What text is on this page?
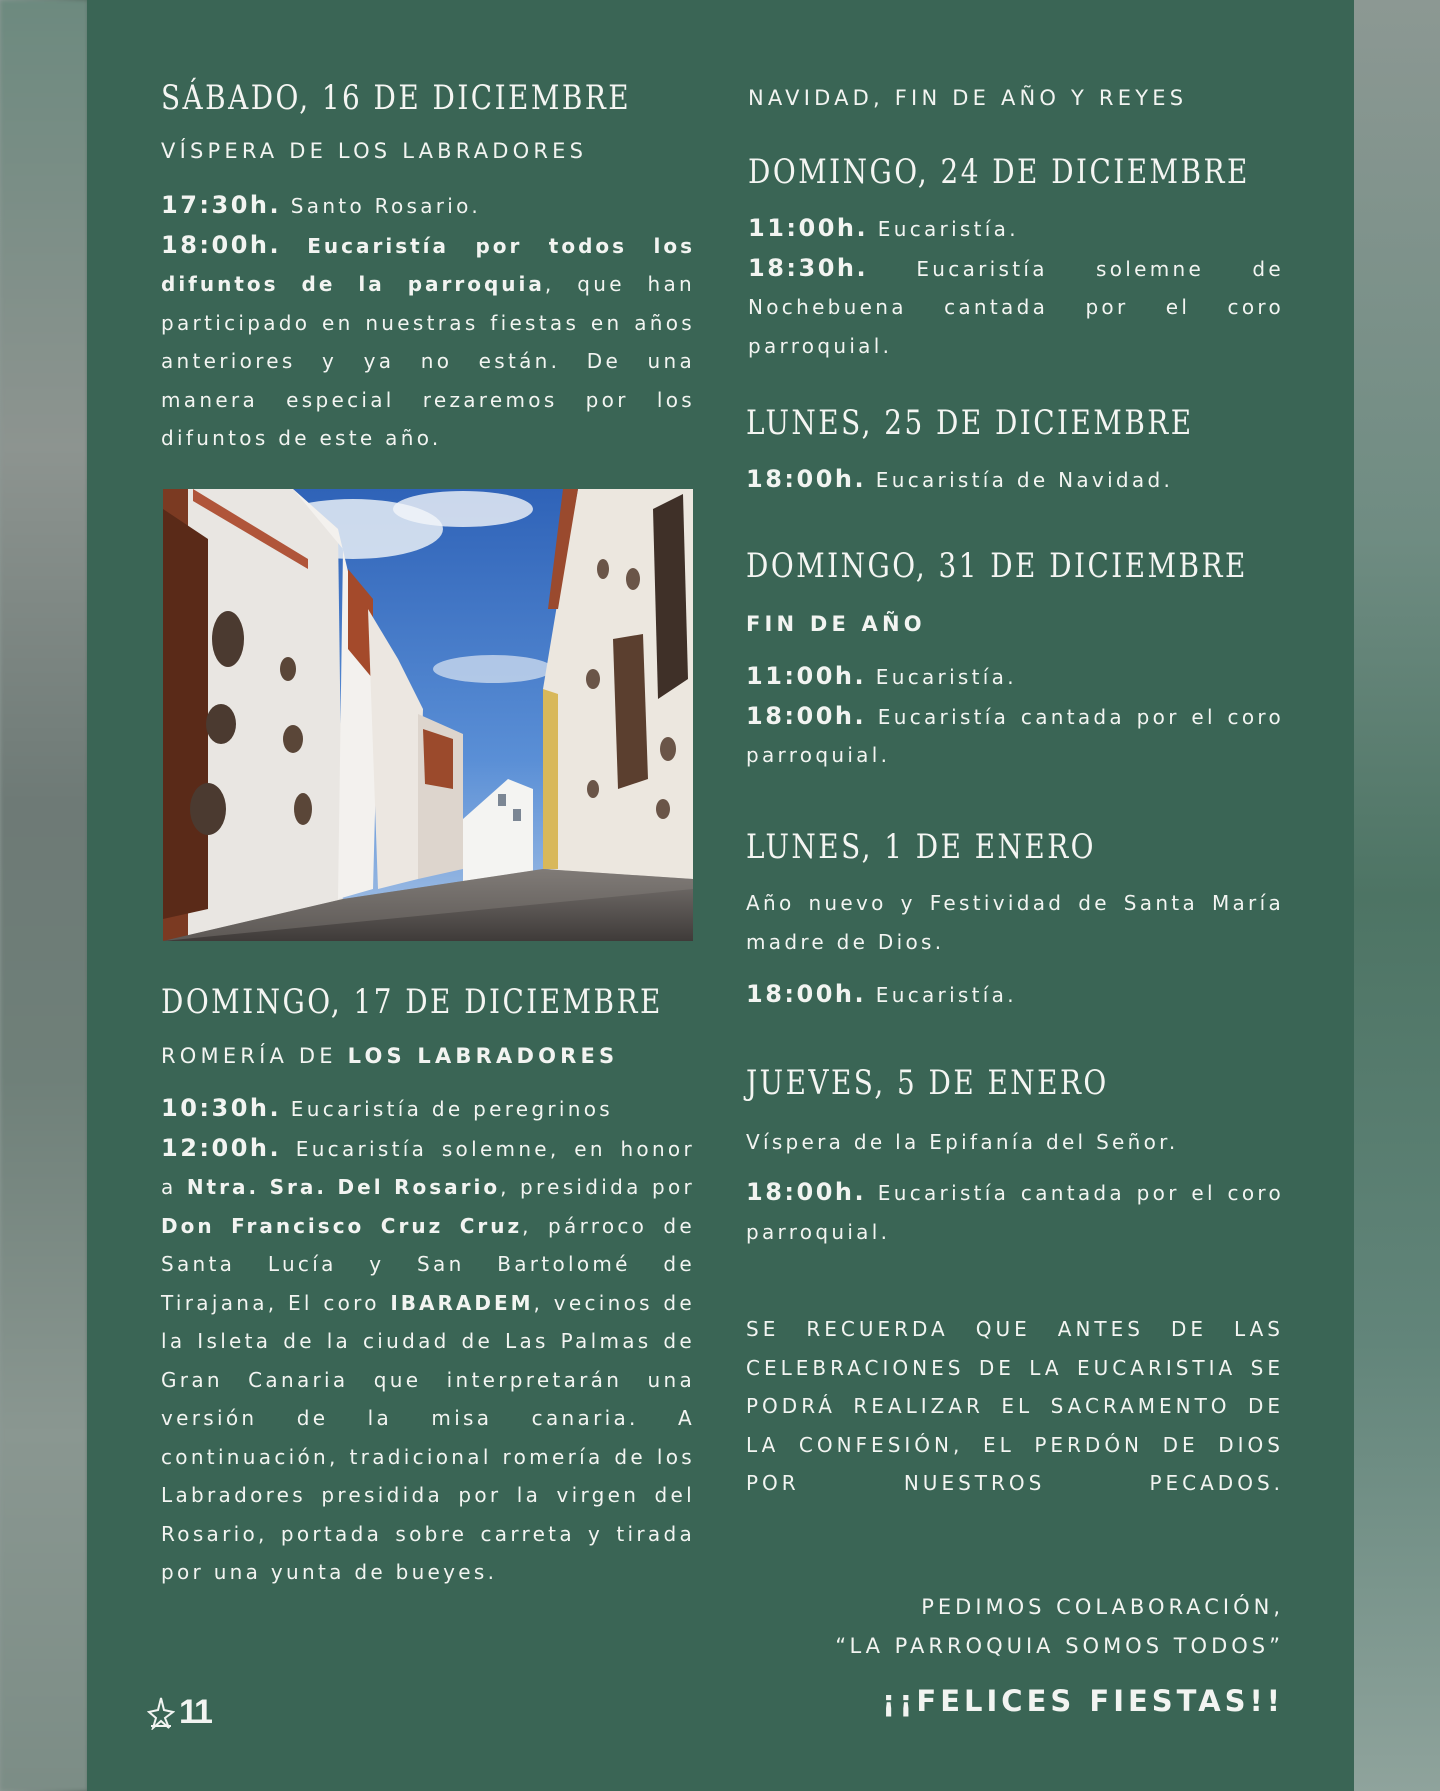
SÁBADO, 16 DE DICIEMBRE
VÍSPERA DE LOS LABRADORES
17:30h. Santo Rosario.
18:00h. Eucaristía por todos los difuntos de la parroquia, que han participado en nuestras fiestas en años anteriores y ya no están. De una manera especial rezaremos por los difuntos de este año.
DOMINGO, 17 DE DICIEMBRE
ROMERÍA DE LOS LABRADORES
10:30h. Eucaristía de peregrinos
12:00h. Eucaristía solemne, en honor a Ntra. Sra. Del Rosario, presidida por Don Francisco Cruz Cruz, párroco de Santa Lucía y San Bartolomé de Tirajana, El coro IBARADEM, vecinos de la Isleta de la ciudad de Las Palmas de Gran Canaria que interpretarán una versión de la misa canaria. A continuación, tradicional romería de los Labradores presidida por la virgen del Rosario, portada sobre carreta y tirada por una yunta de bueyes.
NAVIDAD, FIN DE AÑO Y REYES
DOMINGO, 24 DE DICIEMBRE
11:00h. Eucaristía.
18:30h. Eucaristía solemne de Nochebuena cantada por el coro parroquial.
LUNES, 25 DE DICIEMBRE
18:00h. Eucaristía de Navidad.
DOMINGO, 31 DE DICIEMBRE
FIN DE AÑO
11:00h. Eucaristía.
18:00h. Eucaristía cantada por el coro parroquial.
LUNES, 1 DE ENERO
Año nuevo y Festividad de Santa María madre de Dios.
18:00h. Eucaristía.
JUEVES, 5 DE ENERO
Víspera de la Epifanía del Señor.
18:00h. Eucaristía cantada por el coro parroquial.
SE RECUERDA QUE ANTES DE LAS CELEBRACIONES DE LA EUCARISTIA SE PODRÁ REALIZAR EL SACRAMENTO DE LA CONFESIÓN, EL PERDÓN DE DIOS POR NUESTROS PECADOS.
PEDIMOS COLABORACIÓN,
“LA PARROQUIA SOMOS TODOS”
¡¡FELICES FIESTAS!!
11
